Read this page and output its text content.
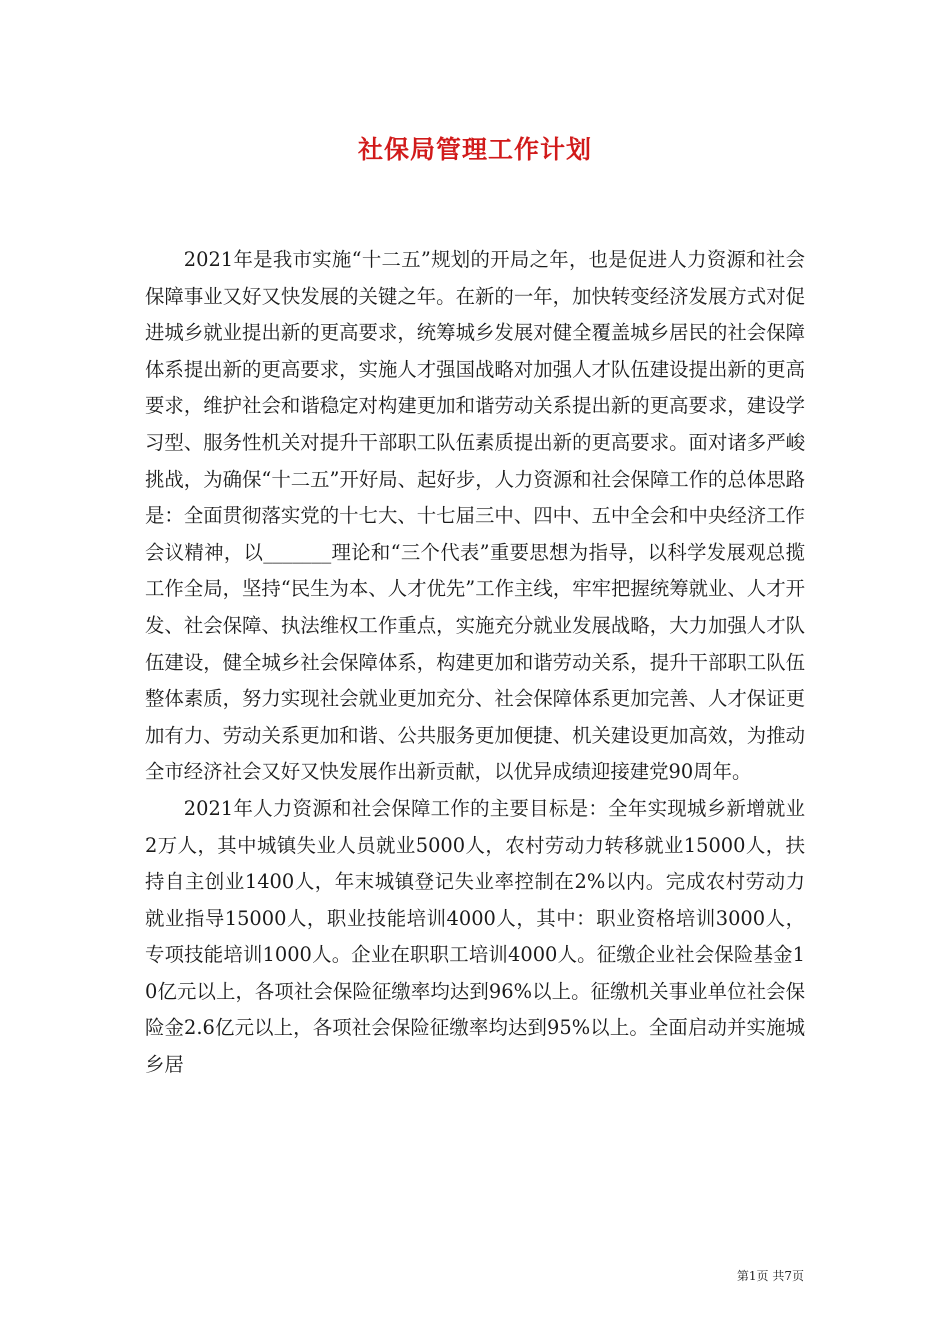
社保局管理工作计划

2021年是我市实施“十二五”规划的开局之年，也是促进人力资源和社会保障事业又好又快发展的关键之年。在新的一年，加快转变经济发展方式对促进城乡就业提出新的更高要求，统筹城乡发展对健全覆盖城乡居民的社会保障体系提出新的更高要求，实施人才强国战略对加强人才队伍建设提出新的更高要求，维护社会和谐稳定对构建更加和谐劳动关系提出新的更高要求，建设学习型、服务性机关对提升干部职工队伍素质提出新的更高要求。面对诸多严峻挑战，为确保“十二五”开好局、起好步，人力资源和社会保障工作的总体思路是：全面贯彻落实党的十七大、十七届三中、四中、五中全会和中央经济工作会议精神，以_______理论和“三个代表”重要思想为指导，以科学发展观总揽工作全局，坚持“民生为本、人才优先”工作主线，牢牢把握统筹就业、人才开发、社会保障、执法维权工作重点，实施充分就业发展战略，大力加强人才队伍建设，健全城乡社会保障体系，构建更加和谐劳动关系，提升干部职工队伍整体素质，努力实现社会就业更加充分、社会保障体系更加完善、人才保证更加有力、劳动关系更加和谐、公共服务更加便捷、机关建设更加高效，为推动全市经济社会又好又快发展作出新贡献，以优异成绩迎接建党90周年。

2021年人力资源和社会保障工作的主要目标是：全年实现城乡新增就业2万人，其中城镇失业人员就业5000人，农村劳动力转移就业15000人，扶持自主创业1400人，年末城镇登记失业率控制在2%以内。完成农村劳动力就业指导15000人，职业技能培训4000人，其中：职业资格培训3000人，专项技能培训1000人。企业在职职工培训4000人。征缴企业社会保险基金10亿元以上，各项社会保险征缴率均达到96%以上。征缴机关事业单位社会保险金2.6亿元以上，各项社会保险征缴率均达到95%以上。全面启动并实施城乡居

第1页 共7页
